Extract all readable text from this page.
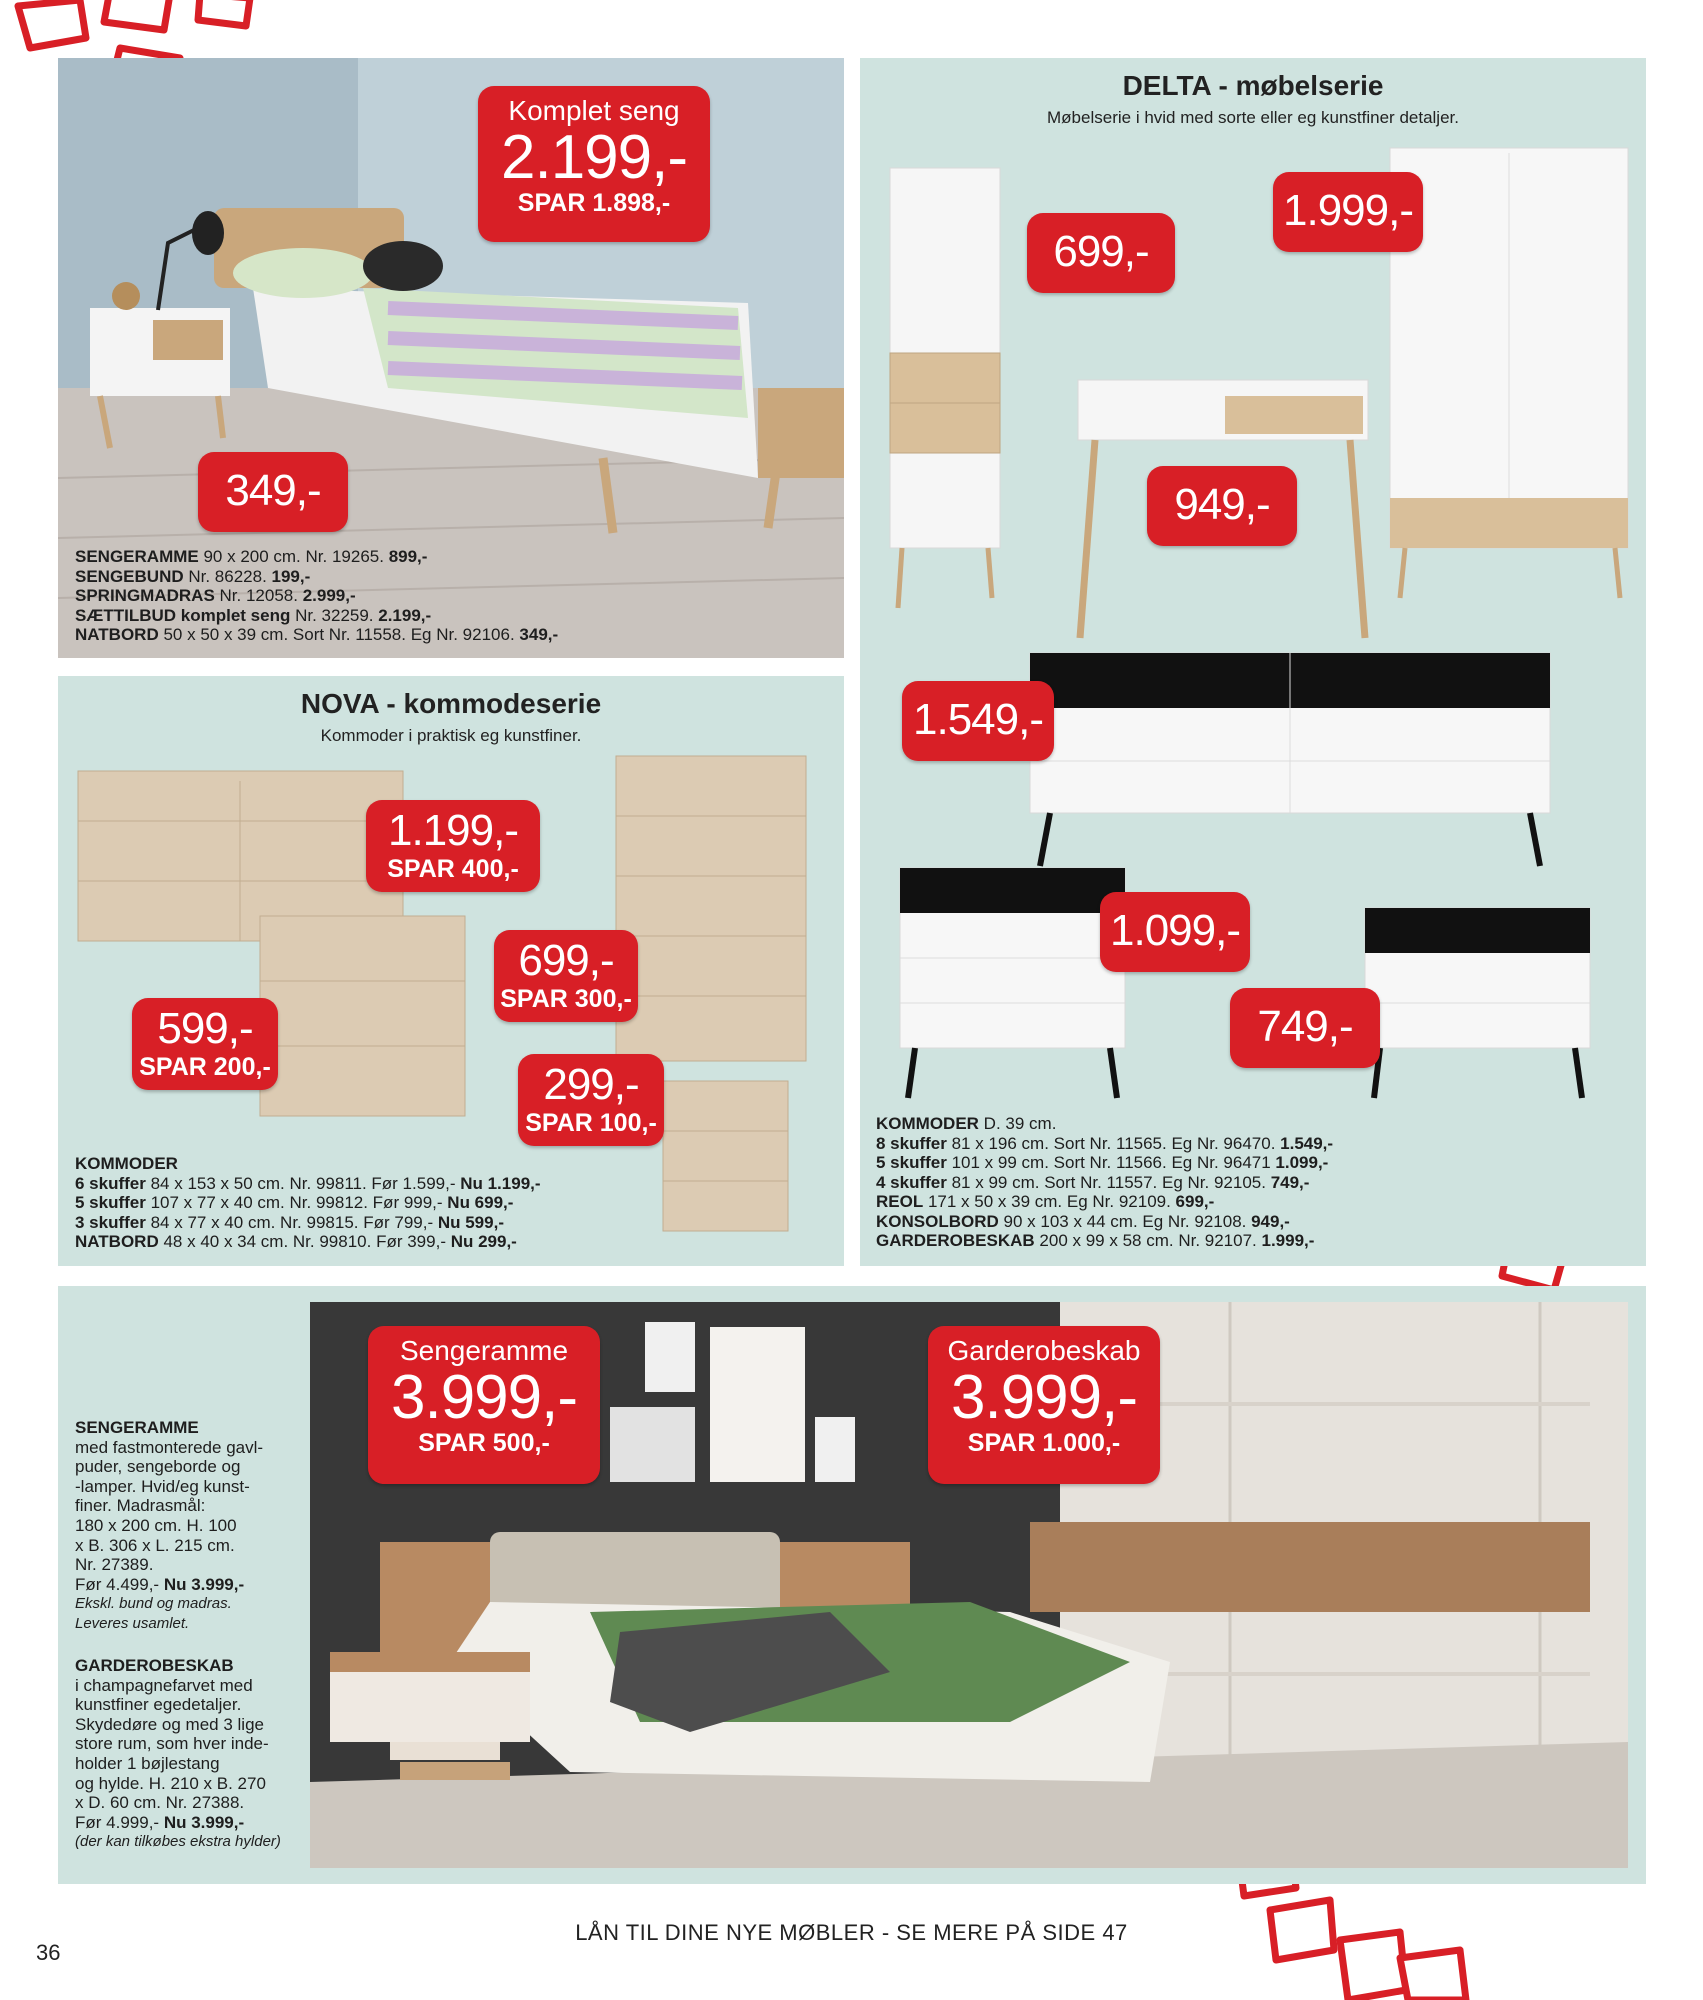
Komplet seng
2.199,-
SPAR 1.898,-
349,-
SENGERAMME 90 x 200 cm. Nr. 19265. 899,-
SENGEBUND Nr. 86228. 199,-
SPRINGMADRAS Nr. 12058. 2.999,-
SÆTTILBUD komplet seng Nr. 32259. 2.199,-
NATBORD 50 x 50 x 39 cm. Sort Nr. 11558. Eg Nr. 92106. 349,-
DELTA - møbelserie
Møbelserie i hvid med sorte eller eg kunstfiner detaljer.
699,-
1.999,-
949,-
1.549,-
1.099,-
749,-
KOMMODER D. 39 cm.
8 skuffer 81 x 196 cm. Sort Nr. 11565. Eg Nr. 96470. 1.549,-
5 skuffer 101 x 99 cm. Sort Nr. 11566. Eg Nr. 96471 1.099,-
4 skuffer 81 x 99 cm. Sort Nr. 11557. Eg Nr. 92105. 749,-
REOL 171 x 50 x 39 cm. Eg Nr. 92109. 699,-
KONSOLBORD 90 x 103 x 44 cm. Eg Nr. 92108. 949,-
GARDEROBESKAB 200 x 99 x 58 cm. Nr. 92107. 1.999,-
NOVA - kommodeserie
Kommoder i praktisk eg kunstfiner.
1.199,-
SPAR 400,-
699,-
SPAR 300,-
599,-
SPAR 200,-	299,-
SPAR 100,-
KOMMODER
6 skuffer 84 x 153 x 50 cm. Nr. 99811. Før 1.599,- Nu 1.199,-
5 skuffer 107 x 77 x 40 cm. Nr. 99812. Før 999,- Nu 699,-
3 skuffer 84 x 77 x 40 cm. Nr. 99815. Før 799,- Nu 599,-
NATBORD 48 x 40 x 34 cm. Nr. 99810. Før 399,- Nu 299,-
Sengeramme
3.999,-
SPAR 500,-
Garderobeskab
3.999,-
SPAR 1.000,-
SENGERAMME
med fastmonterede gavl-
puder, sengeborde og
-lamper. Hvid/eg kunst-
finer. Madrasmål:
180 x 200 cm. H. 100
x B. 306 x L. 215 cm.
Nr. 27389.
Før 4.499,- Nu 3.999,-
Ekskl. bund og madras.
Leveres usamlet.
GARDEROBESKAB
i champagnefarvet med
kunstfiner egedetaljer.
Skydedøre og med 3 lige
store rum, som hver inde-
holder 1 bøjlestang
og hylde. H. 210 x B. 270
x D. 60 cm. Nr. 27388.
Før 4.999,- Nu 3.999,-
(der kan tilkøbes ekstra hylder)
36
LÅN TIL DINE NYE MØBLER - SE MERE PÅ SIDE 47
